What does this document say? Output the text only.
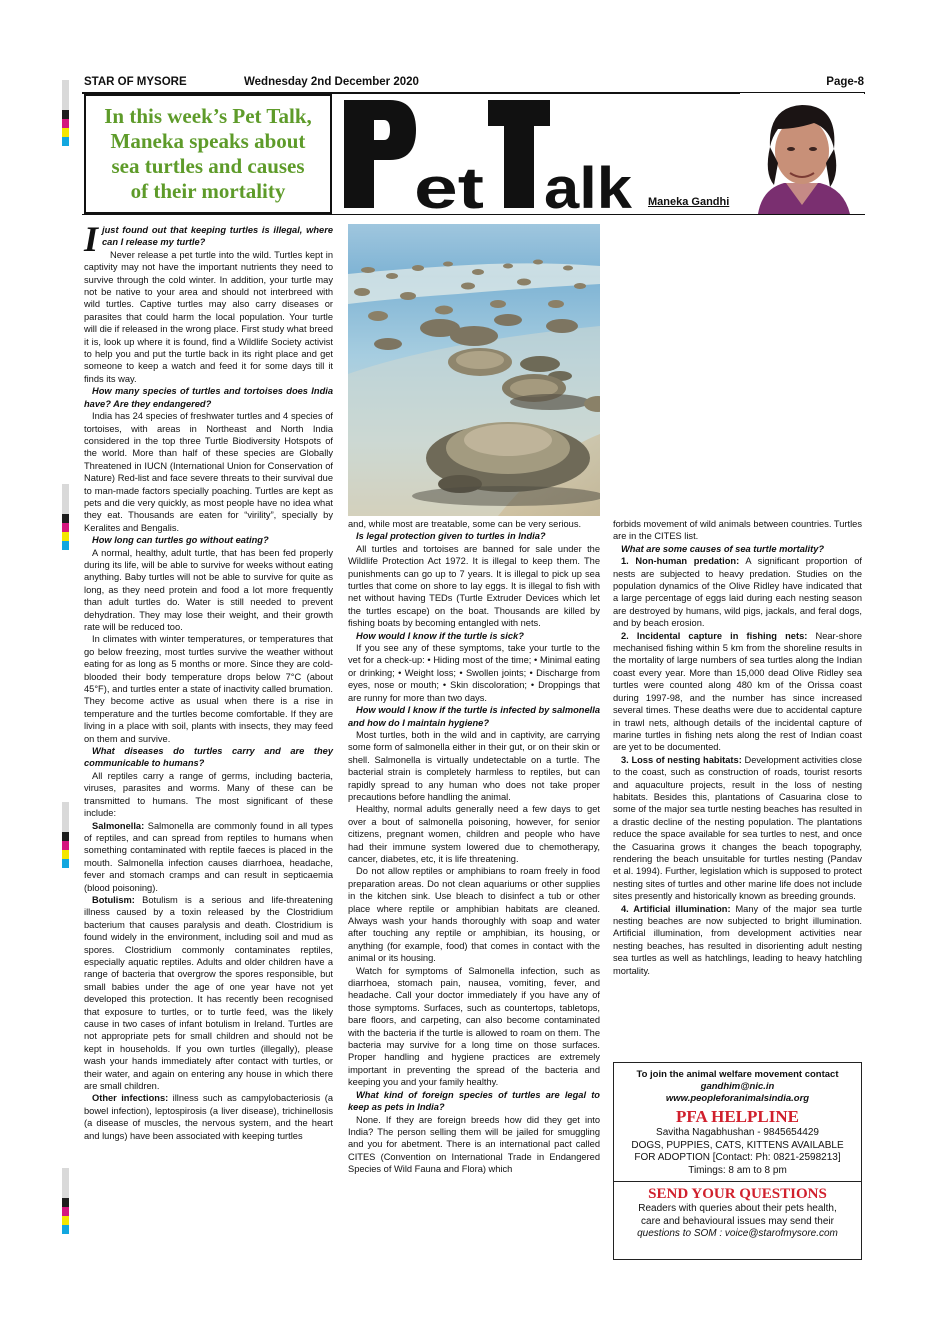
STAR OF MYSORE	Wednesday 2nd December 2020	Page-8

In this week’s Pet Talk,

Maneka speaks about

sea turtles and causes

of their mortality	et alk Maneka Gandhi

Ijust found out that keeping turtles is illegal, where can I release my turtle?

Never release a pet turtle into the wild. Turtles kept in captivity may not have the important nutrients they need to survive through the cold winter. In addition, your turtle may not be native to your area and should not interbreed with wild turtles. Captive turtles may also carry diseases or parasites that could harm the local population. Your turtle will die if released in the wrong place. First study what breed it is, look up where it is found, find a Wildlife Society activist to help you and put the turtle back in its right place and get someone to keep a watch and feed it for some days till it finds its way.

How many species of turtles and tortoises does India have? Are they endangered?

India has 24 species of freshwater turtles and 4 species of tortoises, with areas in Northeast and North India considered in the top three Turtle Biodiversity Hotspots of the world. More than half of these species are Globally Threatened in IUCN (International Union for Conservation of Nature) Red-list and face severe threats to their survival due to man-made factors specially poaching. Turtles are kept as pets and die very quickly, as most people have no idea what they eat. Thousands are eaten for “virility”, specially by Keralites and Bengalis.

How long can turtles go without eating?

A normal, healthy, adult turtle, that has been fed properly during its life, will be able to survive for weeks without eating anything. Baby turtles will not be able to survive for quite as long, as they need protein and food a lot more frequently than adult turtles do. Water is still needed to prevent dehydration. They may lose their weight, and their growth rate will be reduced too.

In climates with winter temperatures, or temperatures that go below freezing, most turtles survive the weather without eating for as long as 5 months or more. Since they are cold-blooded their body temperature drops below 7°C (about 45°F), and turtles enter a state of inactivity called brumation. They become active as usual when there is a rise in temperature and the turtles become comfortable. If they are living in a place with soil, plants with insects, they may feed on them and survive.

What diseases do turtles carry and are they communicable to humans?

All reptiles carry a range of germs, including bacteria, viruses, parasites and worms. Many of these can be transmitted to humans. The most significant of these include:

Salmonella: Salmonella are commonly found in all types of reptiles, and can spread from reptiles to humans when something contaminated with reptile faeces is placed in the mouth. Salmonella infection causes diarrhoea, headache, fever and stomach cramps and can result in septicaemia (blood poisoning).

Botulism: Botulism is a serious and life-threatening illness caused by a toxin released by the Clostridium bacterium that causes paralysis and death. Clostridium is found widely in the environment, including soil and mud as spores. Clostridium commonly contaminates reptiles, especially aquatic reptiles. Adults and older children have a range of bacteria that overgrow the spores responsible, but small babies under the age of one year have not yet developed this protection. It has recently been recognised that exposure to turtles, or to turtle feed, was the likely cause in two cases of infant botulism in Ireland. Turtles are not appropriate pets for small children and should not be kept in households. If you own turtles (illegally), please wash your hands immediately after contact with turtles, or their water, and again on entering any house in which there are small children.

Other infections: illness such as campylobacteriosis (a bowel infection), leptospirosis (a liver disease), trichinellosis (a disease of muscles, the nervous system, and the heart and lungs) have been associated with keeping turtles

and, while most are treatable, some can be very serious.

Is legal protection given to turtles in India?

All turtles and tortoises are banned for sale under the Wildlife Protection Act 1972. It is illegal to keep them. The punishments can go up to 7 years. It is illegal to pick up sea turtles that come on shore to lay eggs. It is illegal to fish with net without having TEDs (Turtle Extruder Devices which let the turtles escape) on the boat. Thousands are killed by fishing boats by becoming entangled with nets.

How would I know if the turtle is sick?

If you see any of these symptoms, take your turtle to the vet for a check-up: • Hiding most of the time; • Minimal eating or drinking; • Weight loss; • Swollen joints; • Discharge from eyes, nose or mouth; • Skin discoloration; • Droppings that are runny for more than two days.

How would I know if the turtle is infected by salmonella and how do I maintain hygiene?

Most turtles, both in the wild and in captivity, are carrying some form of salmonella either in their gut, or on their skin or shell. Salmonella is virtually undetectable on a turtle. The bacterial strain is completely harmless to reptiles, but can rapidly spread to any human who does not take proper precautions before handling the animal.

Healthy, normal adults generally need a few days to get over a bout of salmonella poisoning, however, for senior citizens, pregnant women, children and people who have had their immune system lowered due to chemotherapy, cancer, diabetes, etc, it is life threatening.

Do not allow reptiles or amphibians to roam freely in food preparation areas. Do not clean aquariums or other supplies in the kitchen sink. Use bleach to disinfect a tub or other place where reptile or amphibian habitats are cleaned. Always wash your hands thoroughly with soap and water after touching any reptile or amphibian, its housing, or anything (for example, food) that comes in contact with the animal or its housing.

Watch for symptoms of Salmonella infection, such as diarrhoea, stomach pain, nausea, vomiting, fever, and headache. Call your doctor immediately if you have any of those symptoms. Surfaces, such as countertops, tabletops, bare floors, and carpeting, can also become contaminated with the bacteria if the turtle is allowed to roam on them. The bacteria may survive for a long time on those surfaces. Proper handling and hygiene practices are extremely important in preventing the spread of the bacteria and keeping you and your family healthy.

What kind of foreign species of turtles are legal to keep as pets in India?

None. If they are foreign breeds how did they get into India? The person selling them will be jailed for smuggling and you for abetment. There is an international pact called CITES (Convention on International Trade in Endangered Species of Wild Fauna and Flora) which

forbids movement of wild animals between countries. Turtles are in the CITES list.

What are some causes of sea turtle mortality?

1. Non-human predation: A significant proportion of nests are subjected to heavy predation. Studies on the population dynamics of the Olive Ridley have indicated that a large percentage of eggs laid during each nesting season are destroyed by humans, wild pigs, jackals, and feral dogs, and by beach erosion.

2. Incidental capture in fishing nets: Near-shore mechanised fishing within 5 km from the shoreline results in the mortality of large numbers of sea turtles along the Indian coast every year. More than 15,000 dead Olive Ridley sea turtles were counted along 480 km of the Orissa coast during 1997-98, and the number has since increased several times. These deaths were due to accidental capture in trawl nets, although details of the incidental capture of marine turtles in fishing nets along the rest of Indian coast are yet to be documented.

3. Loss of nesting habitats: Development activities close to the coast, such as construction of roads, tourist resorts and aquaculture projects, result in the loss of nesting habitats. Besides this, plantations of Casuarina close to some of the major sea turtle nesting beaches has resulted in a drastic decline of the nesting population. The plantations reduce the space available for sea turtles to nest, and once the Casuarina grows it changes the beach topography, rendering the beach unsuitable for turtles nesting (Pandav et al. 1994). Further, legislation which is supposed to protect nesting sites of turtles and other marine life does not include sites presently and historically known as breeding grounds.

4. Artificial illumination: Many of the major sea turtle nesting beaches are now subjected to bright illumination. Artificial illumination, from development activities near nesting beaches, has resulted in disorienting adult nesting sea turtles as well as hatchlings, leading to heavy hatchling mortality.

To join the animal welfare movement contact
gandhim@nic.in
www.peopleforanimalsindia.org
PFA HELPLINE
Savitha Nagabhushan - 9845654429
DOGS, PUPPIES, CATS, KITTENS AVAILABLE
FOR ADOPTION [Contact: Ph: 0821-2598213]
Timings: 8 am to 8 pm
SEND YOUR QUESTIONS
Readers with queries about their pets health,
care and behavioural issues may send their
questions to SOM : voice@starofmysore.com
